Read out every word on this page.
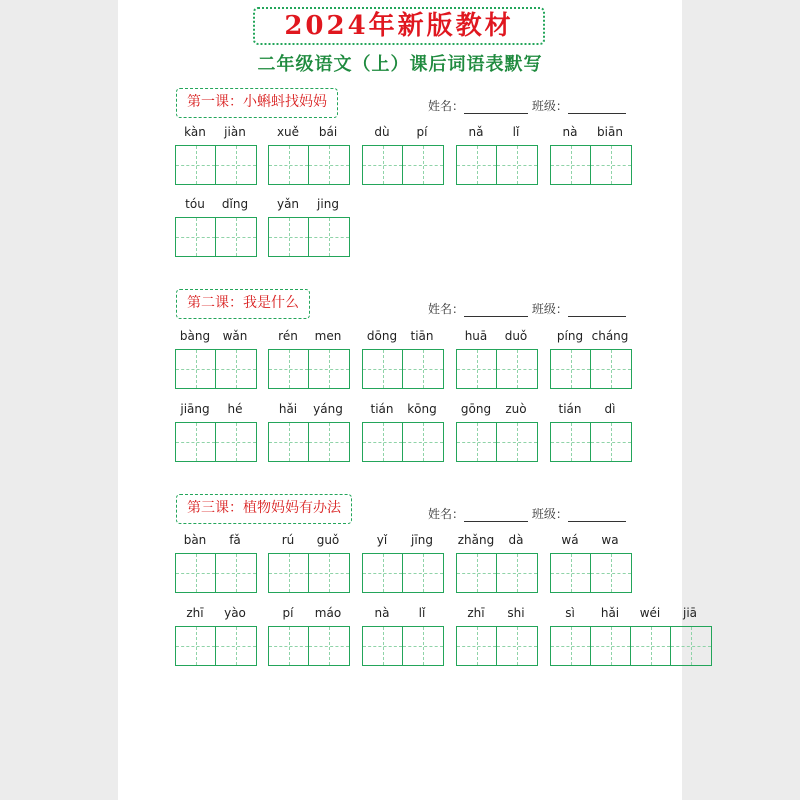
2024年新版教材
二年级语文（上）课后词语表默写
第一课：小蝌蚪找妈妈	姓名：	班级：
第二课：我是什么	姓名：	班级：
第三课：植物妈妈有办法	姓名：	班级：
kàn	jiàn	xuě	bái	dù	pí	nǎ	lǐ	nà	biān
tóu	dǐng	yǎn	jing
bàng	wǎn	rén	men	dōng	tiān	huā	duǒ	píng cháng
jiāng	hé	hǎi	yáng	tián	kōng	gōng	zuò	tián	dì
bàn	fǎ	rú	guǒ	yǐ	jīng	zhǎng	dà	wá	wa
zhī	yào	pí	máo	nà	lǐ	zhī	shi	sì	hǎi	wéi	jiā
